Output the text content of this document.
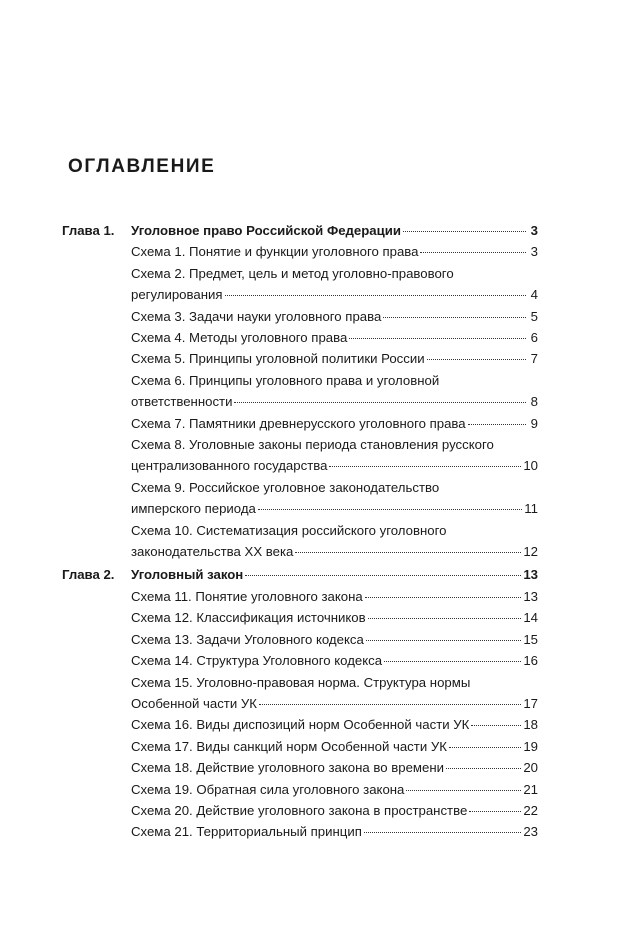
ОГЛАВЛЕНИЕ
Глава 1. Уголовное право Российской Федерации	3
Схема 1. Понятие и функции уголовного права	3
Схема 2. Предмет, цель и метод уголовно-правового
регулирования	4
Схема 3. Задачи науки уголовного права	5
Схема 4. Методы уголовного права	6
Схема 5. Принципы уголовной политики России	7
Схема 6. Принципы уголовного права и уголовной
ответственности	8
Схема 7. Памятники древнерусского уголовного права	9
Схема 8. Уголовные законы периода становления русского
централизованного государства	10
Схема 9. Российское уголовное законодательство
имперского периода	11
Схема 10. Систематизация российского уголовного
законодательства XX века	12
Глава 2. Уголовный закон	13
Схема 11. Понятие уголовного закона	13
Схема 12. Классификация источников	14
Схема 13. Задачи Уголовного кодекса	15
Схема 14. Структура Уголовного кодекса	16
Схема 15. Уголовно-правовая норма. Структура нормы
Особенной части УК	17
Схема 16. Виды диспозиций норм Особенной части УК	18
Схема 17. Виды санкций норм Особенной части УК	19
Схема 18. Действие уголовного закона во времени	20
Схема 19. Обратная сила уголовного закона	21
Схема 20. Действие уголовного закона в пространстве	22
Схема 21. Территориальный принцип	23
